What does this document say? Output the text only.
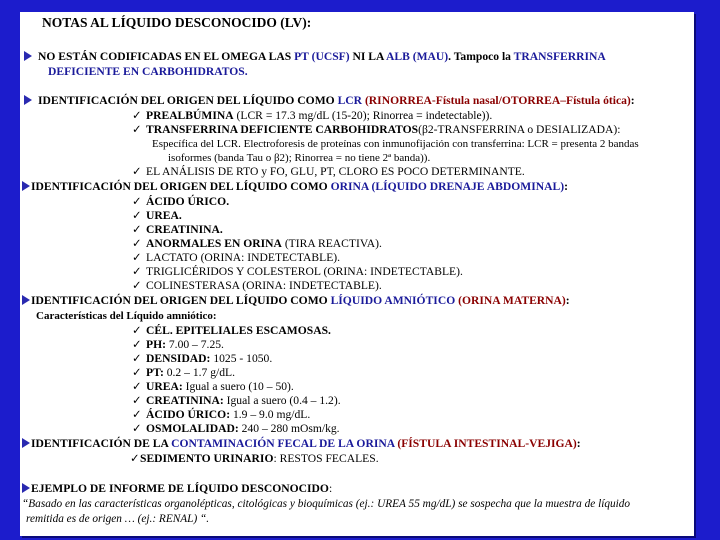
NOTAS AL LÍQUIDO DESCONOCIDO (LV):
NO ESTÁN CODIFICADAS EN EL OMEGA LAS PT (UCSF) NI LA ALB (MAU). Tampoco la TRANSFERRINA
DEFICIENTE EN CARBOHIDRATOS.
IDENTIFICACIÓN DEL ORIGEN DEL LÍQUIDO COMO LCR (RINORREA-Fístula nasal/OTORREA–Fístula ótica):
✓ PREALBÚMINA (LCR = 17.3 mg/dL (15-20); Rinorrea = indetectable)).
✓ TRANSFERRINA DEFICIENTE CARBOHIDRATOS(β2-TRANSFERRINA o DESIALIZADA):
Específica del LCR. Electroforesis de proteínas con inmunofijación con transferrina: LCR = presenta 2 bandas
isoformes (banda Tau o β2); Rinorrea = no tiene 2ª banda)).
✓ EL ANÁLISIS DE RTO y FO, GLU, PT, CLORO ES POCO DETERMINANTE.
IDENTIFICACIÓN DEL ORIGEN DEL LÍQUIDO COMO ORINA (LÍQUIDO DRENAJE ABDOMINAL):
✓ ÁCIDO ÚRICO.
✓ UREA.
✓ CREATININA.
✓ ANORMALES EN ORINA (TIRA REACTIVA).
✓ LACTATO (ORINA: INDETECTABLE).
✓ TRIGLICÉRIDOS Y COLESTEROL (ORINA: INDETECTABLE).
✓ COLINESTERASA (ORINA: INDETECTABLE).
IDENTIFICACIÓN DEL ORIGEN DEL LÍQUIDO COMO LÍQUIDO AMNIÓTICO (ORINA MATERNA):
Características del Líquido amniótico:
✓ CÉL. EPITELIALES ESCAMOSAS.
✓ PH: 7.00 – 7.25.
✓ DENSIDAD: 1025 - 1050.
✓ PT: 0.2 – 1.7 g/dL.
✓ UREA: Igual a suero (10 – 50).
✓ CREATININA: Igual a suero (0.4 – 1.2).
✓ ÁCIDO ÚRICO: 1.9 – 9.0 mg/dL.
✓ OSMOLALIDAD: 240 – 280 mOsm/kg.
IDENTIFICACIÓN DE LA CONTAMINACIÓN FECAL DE LA ORINA (FÍSTULA INTESTINAL-VEJIGA):
✓SEDIMENTO URINARIO: RESTOS FECALES.
EJEMPLO DE INFORME DE LÍQUIDO DESCONOCIDO:
“Basado en las características organolépticas, citológicas y bioquímicas (ej.: UREA 55 mg/dL) se sospecha que la muestra de líquido
remitida es de origen … (ej.: RENAL) “.
